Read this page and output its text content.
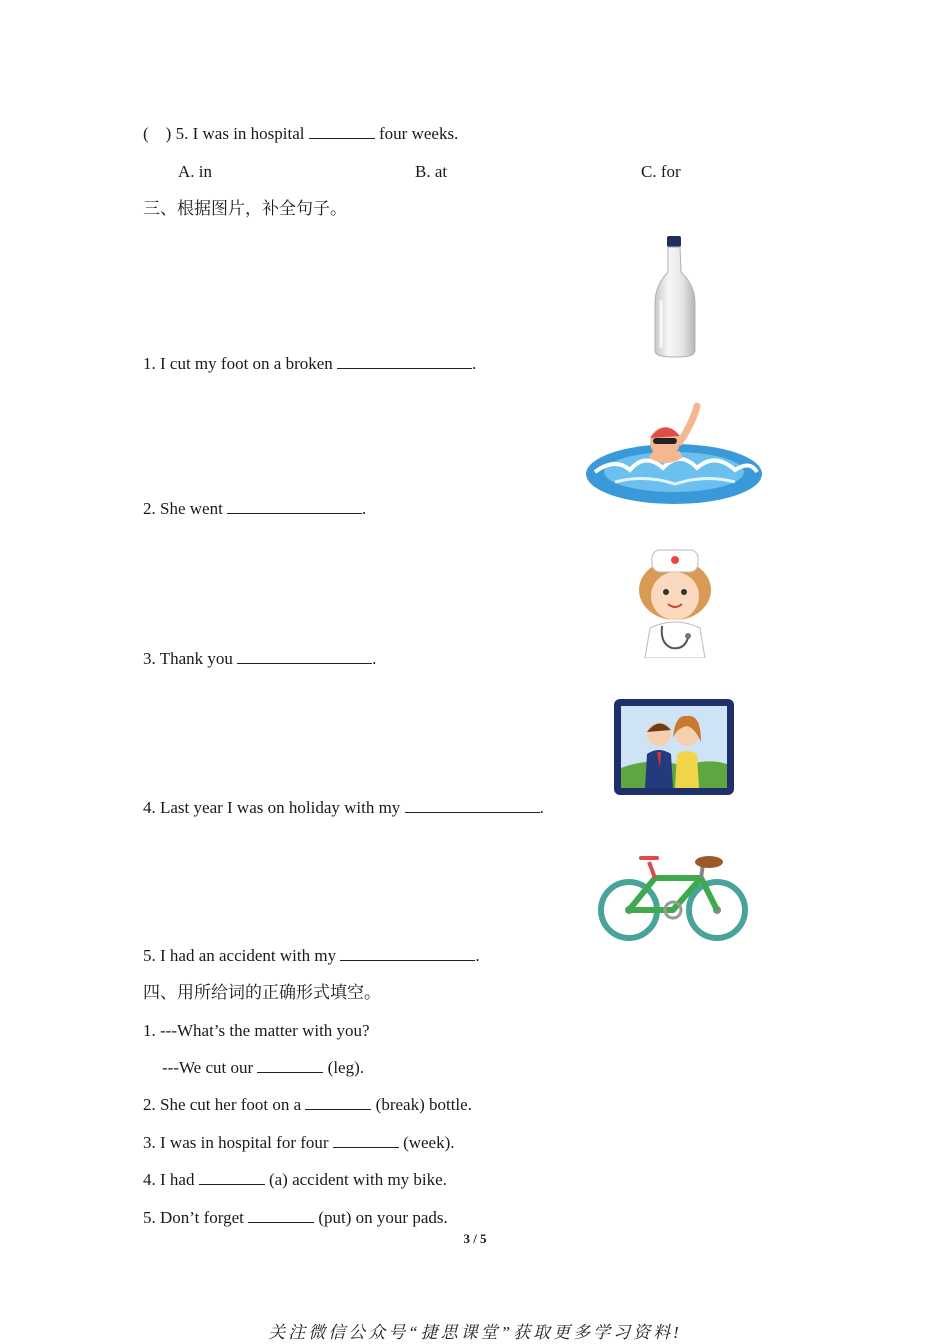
( ) 5. I was in hospital	four weeks.
A. in	B. at	C. for
三、根据图片，补全句子。
1. I cut my foot on a broken	.
2. She went	.
3. Thank you	.
4. Last year I was on holiday with my	.
5. I had an accident with my	.
四、用所给词的正确形式填空。
1. ---What’s the matter with you?
---We cut our	(leg).
2. She cut her foot on a	(break) bottle.
3. I was in hospital for four	(week).
4. I had	(a) accident with my bike.
5. Don’t forget	(put) on your pads.
3 / 5
关注微信公众号“捷思课堂”获取更多学习资料!
